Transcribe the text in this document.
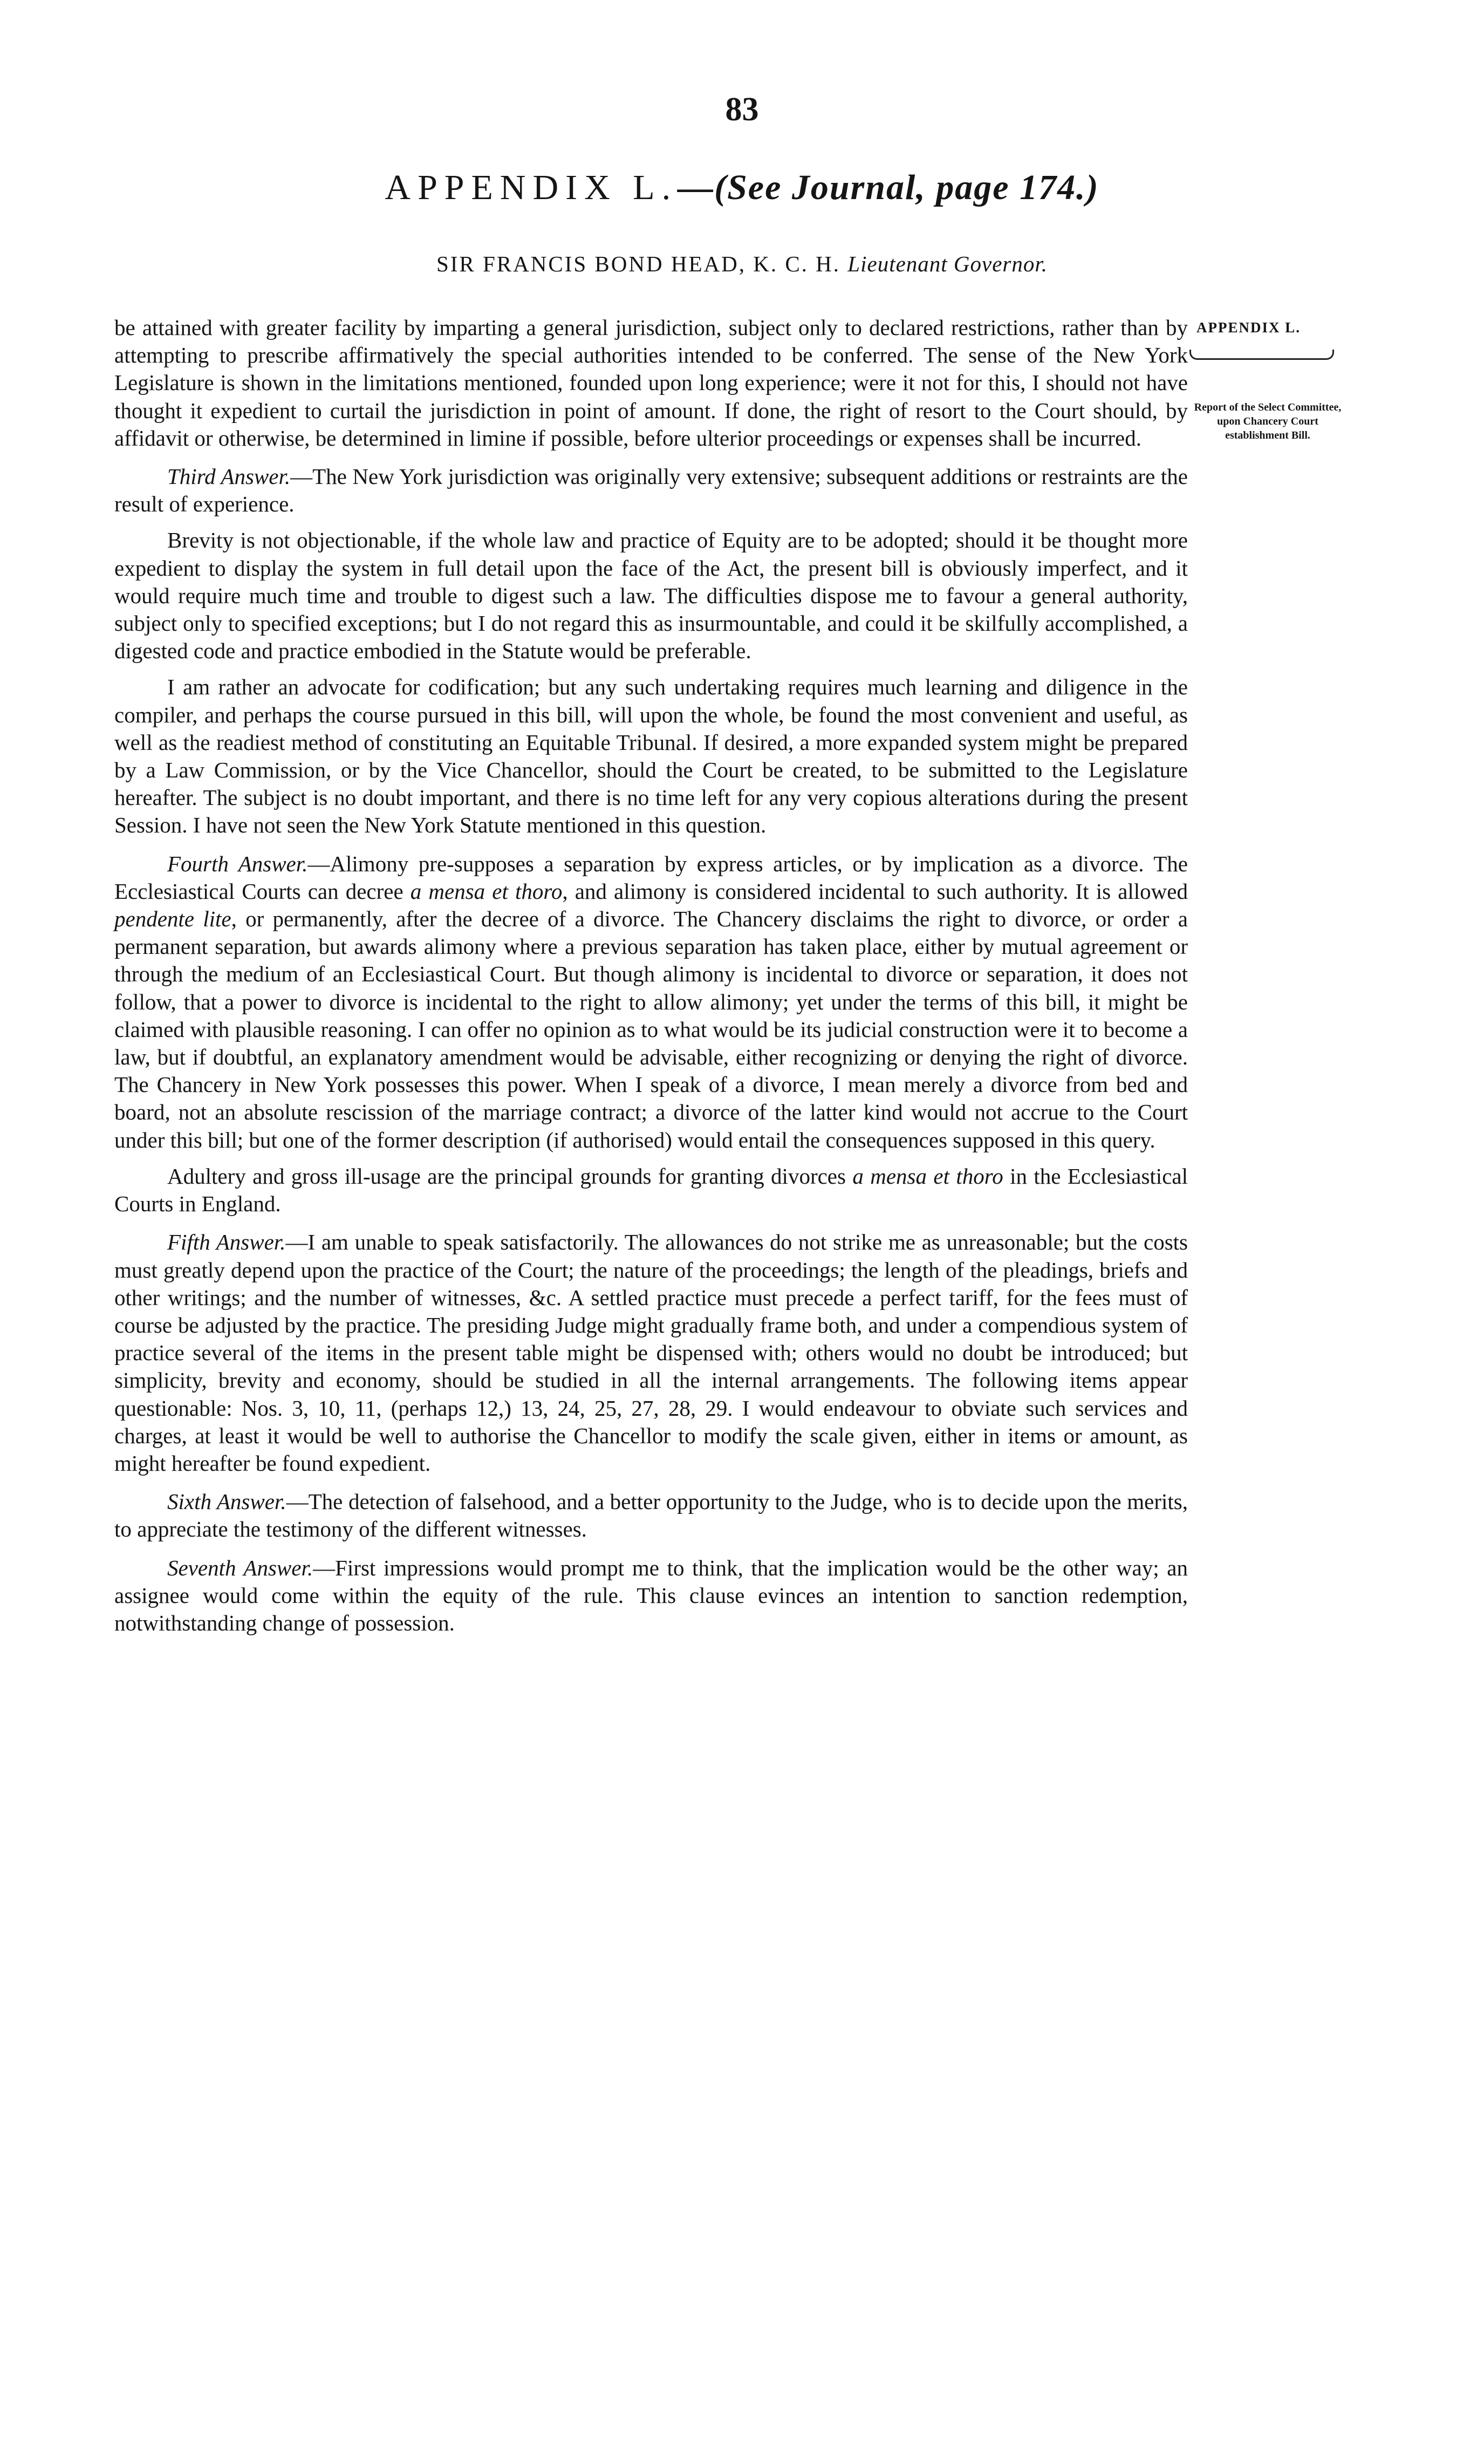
83
APPENDIX L.—(See Journal, page 174.)
SIR FRANCIS BOND HEAD, K. C. H. Lieutenant Governor.
APPENDIX L.
Report of the Select Committee, upon Chancery Court establishment Bill.

be attained with greater facility by imparting a general jurisdiction, subject only to declared restrictions, rather than by attempting to prescribe affirmatively the special authorities intended to be conferred. The sense of the New York Legislature is shown in the limitations mentioned, founded upon long experience; were it not for this, I should not have thought it expedient to curtail the jurisdiction in point of amount. If done, the right of resort to the Court should, by affidavit or otherwise, be determined in limine if possible, before ulterior proceedings or expenses shall be incurred.

Third Answer.—The New York jurisdiction was originally very extensive; subsequent additions or restraints are the result of experience.

Brevity is not objectionable, if the whole law and practice of Equity are to be adopted; should it be thought more expedient to display the system in full detail upon the face of the Act, the present bill is obviously imperfect, and it would require much time and trouble to digest such a law. The difficulties dispose me to favour a general authority, subject only to specified exceptions; but I do not regard this as insurmountable, and could it be skilfully accomplished, a digested code and practice embodied in the Statute would be preferable.

I am rather an advocate for codification; but any such undertaking requires much learning and diligence in the compiler, and perhaps the course pursued in this bill, will upon the whole, be found the most convenient and useful, as well as the readiest method of constituting an Equitable Tribunal. If desired, a more expanded system might be prepared by a Law Commission, or by the Vice Chancellor, should the Court be created, to be submitted to the Legislature hereafter. The subject is no doubt important, and there is no time left for any very copious alterations during the present Session. I have not seen the New York Statute mentioned in this question.

Fourth Answer.—Alimony pre-supposes a separation by express articles, or by implication as a divorce. The Ecclesiastical Courts can decree a mensa et thoro, and alimony is considered incidental to such authority. It is allowed pendente lite, or permanently, after the decree of a divorce. The Chancery disclaims the right to divorce, or order a permanent separation, but awards alimony where a previous separation has taken place, either by mutual agreement or through the medium of an Ecclesiastical Court. But though alimony is incidental to divorce or separation, it does not follow, that a power to divorce is incidental to the right to allow alimony; yet under the terms of this bill, it might be claimed with plausible reasoning. I can offer no opinion as to what would be its judicial construction were it to become a law, but if doubtful, an explanatory amendment would be advisable, either recognizing or denying the right of divorce. The Chancery in New York possesses this power. When I speak of a divorce, I mean merely a divorce from bed and board, not an absolute rescission of the marriage contract; a divorce of the latter kind would not accrue to the Court under this bill; but one of the former description (if authorised) would entail the consequences supposed in this query.

Adultery and gross ill-usage are the principal grounds for granting divorces a mensa et thoro in the Ecclesiastical Courts in England.

Fifth Answer.—I am unable to speak satisfactorily. The allowances do not strike me as unreasonable; but the costs must greatly depend upon the practice of the Court; the nature of the proceedings; the length of the pleadings, briefs and other writings; and the number of witnesses, &c. A settled practice must precede a perfect tariff, for the fees must of course be adjusted by the practice. The presiding Judge might gradually frame both, and under a compendious system of practice several of the items in the present table might be dispensed with; others would no doubt be introduced; but simplicity, brevity and economy, should be studied in all the internal arrangements. The following items appear questionable: Nos. 3, 10, 11, (perhaps 12,) 13, 24, 25, 27, 28, 29. I would endeavour to obviate such services and charges, at least it would be well to authorise the Chancellor to modify the scale given, either in items or amount, as might hereafter be found expedient.

Sixth Answer.—The detection of falsehood, and a better opportunity to the Judge, who is to decide upon the merits, to appreciate the testimony of the different witnesses.

Seventh Answer.—First impressions would prompt me to think, that the implication would be the other way; an assignee would come within the equity of the rule. This clause evinces an intention to sanction redemption, notwithstanding change of possession.
